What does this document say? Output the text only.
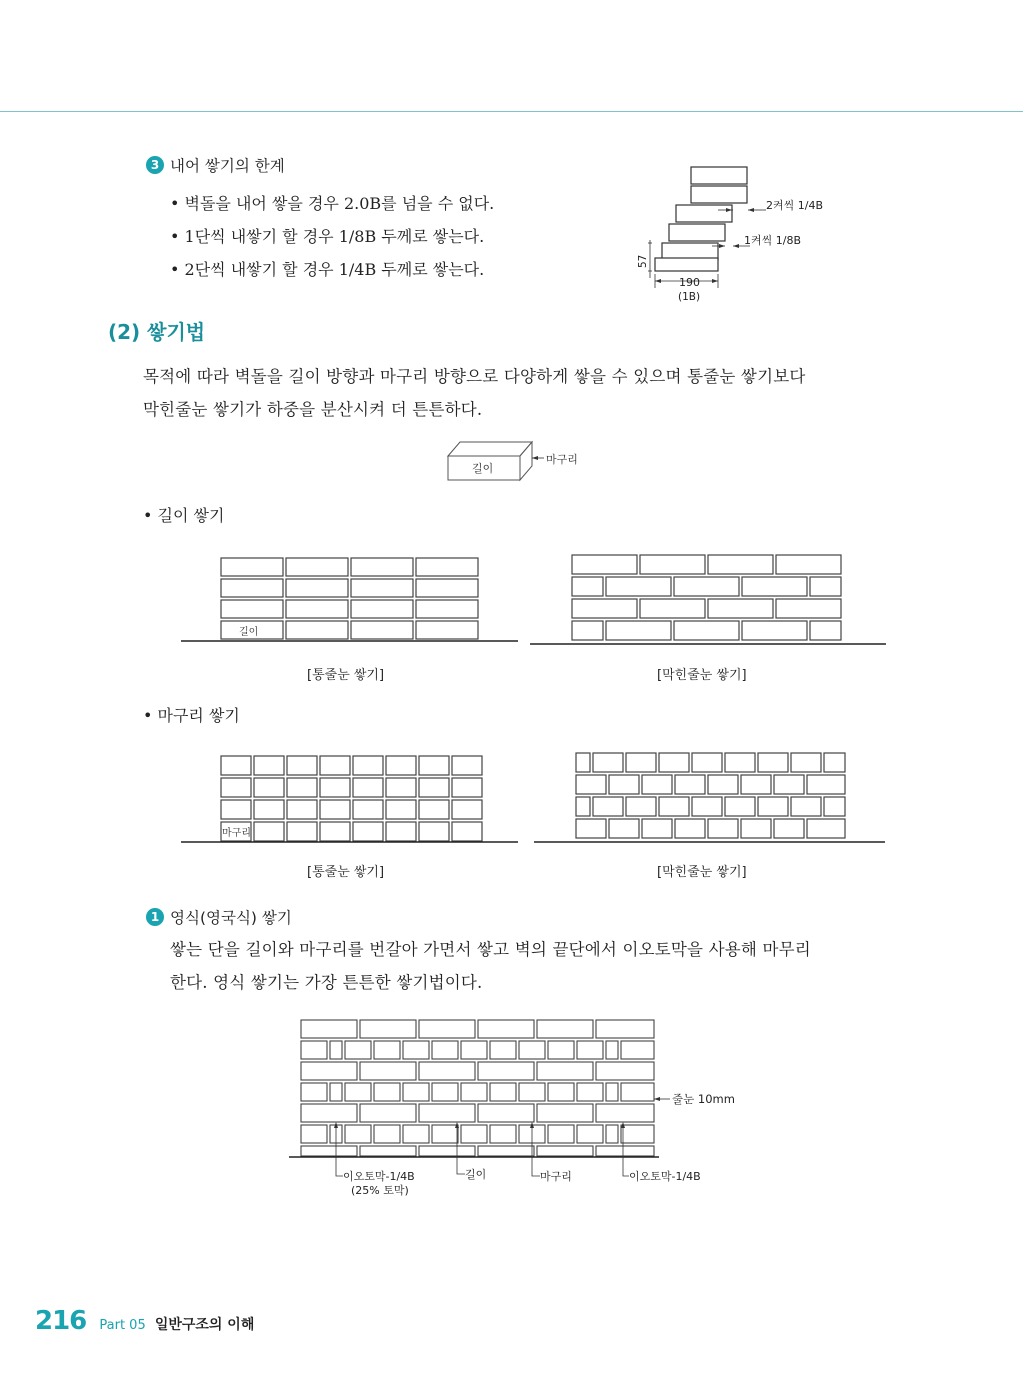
3 내어 쌓기의 한계
• 벽돌을 내어 쌓을 경우 2.0B를 넘을 수 없다.
• 1단씩 내쌓기 할 경우 1/8B 두께로 쌓는다.
• 2단씩 내쌓기 할 경우 1/4B 두께로 쌓는다.
2켜씩 1/4B
1켜씩 1/8B
57
190
(1B)
(2) 쌓기법
목적에 따라 벽돌을 길이 방향과 마구리 방향으로 다양하게 쌓을 수 있으며 통줄눈 쌓기보다
막힌줄눈 쌓기가 하중을 분산시켜 더 튼튼하다.
길이
마구리
• 길이 쌓기
길이
[통줄눈 쌓기]	[막힌줄눈 쌓기]
• 마구리 쌓기
마구리
[통줄눈 쌓기]	[막힌줄눈 쌓기]
1 영식(영국식) 쌓기
쌓는 단을 길이와 마구리를 번갈아 가면서 쌓고 벽의 끝단에서 이오토막을 사용해 마무리
한다. 영식 쌓기는 가장 튼튼한 쌓기법이다.
줄눈 10mm
이오토막-1/4B
(25% 토막)
길이	마구리	이오토막-1/4B
216 Part 05 일반구조의 이해
